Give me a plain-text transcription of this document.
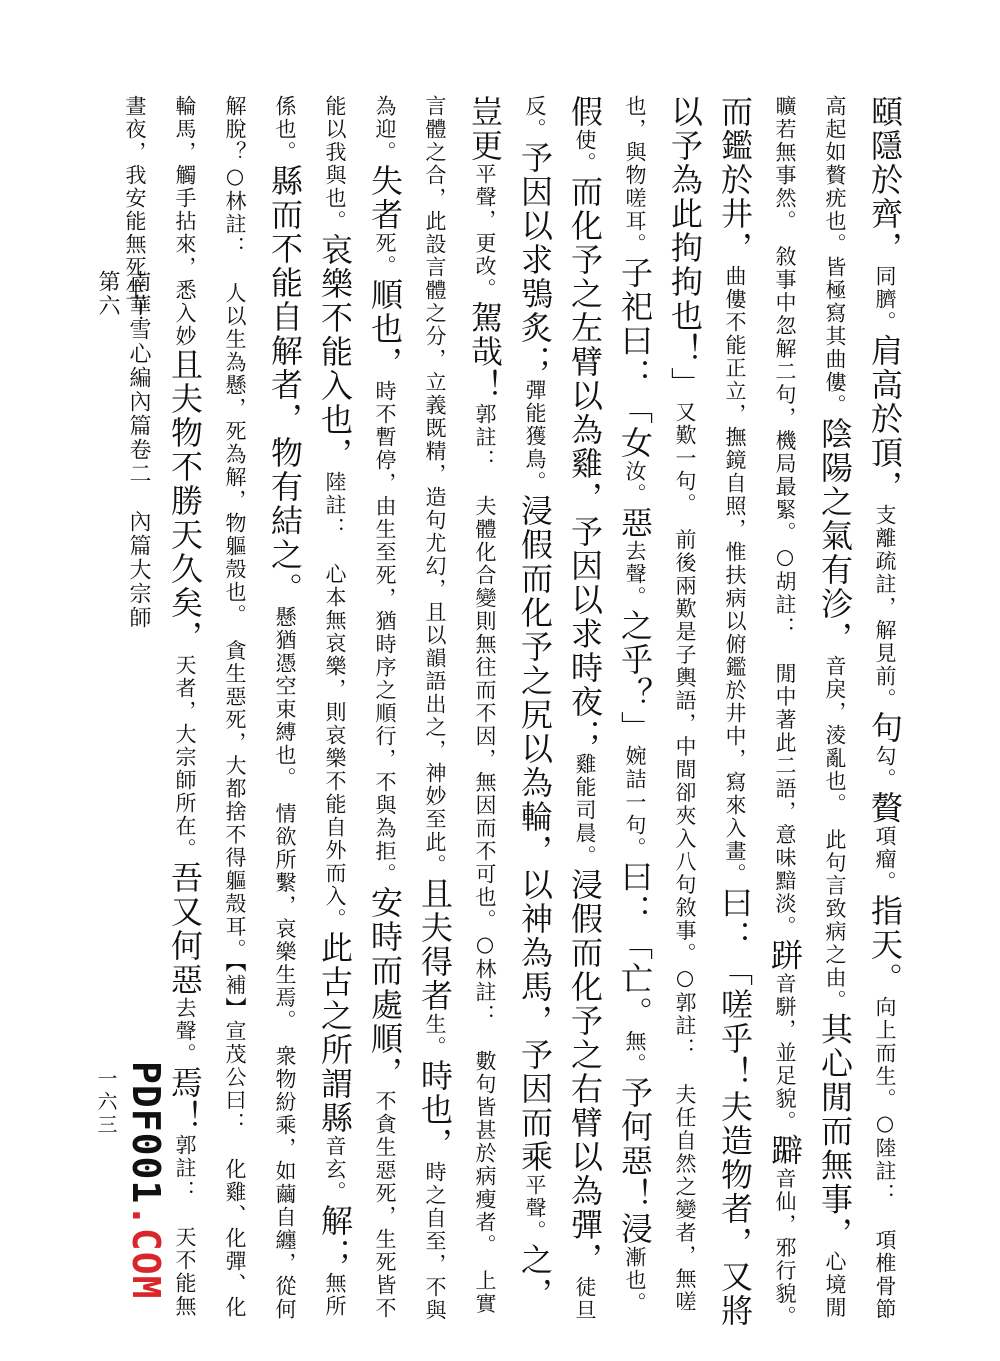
頤隱於齊，同臍。肩高於頂，支離疏註，解見前。句勾。贅項瘤。指天。向上而生。○陸註：　項椎骨節高起如贅疣也。皆極寫其曲僂。陰陽之氣有沴，音戾，淩亂也。　此句言致病之由。其心閒而無事，心境閒曠若無事然。　敘事中忽解二句，機局最緊。○胡註：　閒中著此二語，意味黯淡。跰音駢，並足貌。躃音仙，邪行貌。而鑑於井，曲僂不能正立，撫鏡自照，惟扶病以俯鑑於井中，寫來入畫。曰：「嗟乎！夫造物者，又將以予為此拘拘也！」又歎一句。　前後兩歎是子輿語，中間卻夾入八句敘事。○郭註：　夫任自然之變者，無嗟也，與物嗟耳。子祀曰：「女汝。惡去聲。之乎？」婉詰一句。曰：「亡。無。予何惡！浸漸也。假使。而化予之左臂以為雞，予因以求時夜；雞能司晨。浸假而化予之右臂以為彈，徒旦反。予因以求鴞炙；彈能獲鳥。浸假而化予之尻以為輪，以神為馬，予因而乘平聲。之，豈更平聲，更改。駕哉！郭註：　夫體化合變則無往而不因，無因而不可也。○林註：　數句皆甚於病瘦者。　上實言體之合，此設言體之分，立義既精，造句尤幻，且以韻語出之，神妙至此。且夫得者生。時也，時之自至，不與為迎。失者死。順也，時不暫停，由生至死，猶時序之順行，不與為拒。安時而處順，不貪生惡死，生死皆不能以我與也。哀樂不能入也，陸註：　心本無哀樂，則哀樂不能自外而入。此古之所謂縣音玄。解；無所係也。縣而不能自解者，物有結之。懸猶憑空束縛也。　情欲所繫，哀樂生焉。　衆物紛乘，如繭自纏，從何解脫？○林註：　人以生為懸，死為解，物軀殼也。　貪生惡死，大都捨不得軀殼耳。【補】宣茂公曰：　化雞、化彈、化輪馬，觸手拈來，悉入妙且夫物不勝天久矣，天者，大宗師所在。吾又何惡去聲。焉！郭註：　天不能無晝夜，我安能無死生！

南華雪心編內篇卷二　內篇大宗師第六
一六三 PDF001
.COM
